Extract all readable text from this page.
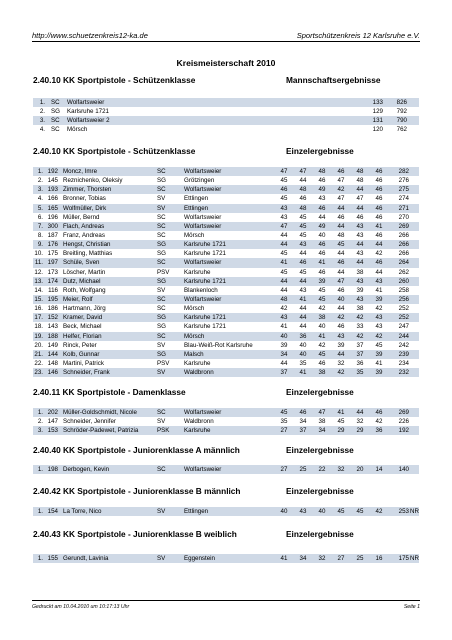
http://www.schuetzenkreis12-ka.de	Sportschützenkreis 12 Karlsruhe e.V.
Kreismeisterschaft 2010
2.40.10 KK Sportpistole - Schützenklasse	Mannschaftsergebnisse
1. SC Wolfartsweier	133	826
2. SG Karlsruhe 1721	129	792
3. SC Wolfartsweier 2	131	790
4. SC Mörsch	120	762
2.40.10 KK Sportpistole - Schützenklasse	Einzelergebnisse
1. 192 Moncz, Imre	SC	Wolfartsweier	47 47 48 46 48 46	282
2. 145 Reznichenko, Oleksiy	SG	Grötzingen	45 44 46 47 48 46	276
3. 193 Zimmer, Thorsten	SC	Wolfartsweier	46 48 49 42 44 46	275
4. 166 Bronner, Tobias	SV	Ettlingen	45 46 43 47 47 46	274
5. 165 Wolfmüller, Dirk	SV	Ettlingen	43 48 46 44 44 46	271
6. 196 Müller, Bernd	SC	Wolfartsweier	43 45 44 46 46 46	270
7. 300 Flach, Andreas	SC	Wolfartsweier	47 45 49 44 43 41	269
8. 187 Franz, Andreas	SC	Mörsch	44 45 40 48 43 46	266
9. 176 Hengst, Christian	SG	Karlsruhe 1721	44 43 46 45 44 44	266
10. 175 Breitling, Matthias	SG	Karlsruhe 1721	45 44 46 44 43 42	266
11. 197 Schüle, Sven	SC	Wolfartsweier	41 46 41 46 44 46	264
12. 173 Löscher, Martin	PSV Karlsruhe	45 45 46 44 38 44	262
13. 174 Dutz, Michael	SG	Karlsruhe 1721	44 44 39 47 43 43	260
14. 116 Roth, Wolfgang	SV	Blankenloch	44 43 45 46 39 41	258
15. 195 Meier, Rolf	SC	Wolfartsweier	48 41 45 40 43 39	256
16. 186 Hartmann, Jörg	SC	Mörsch	42 44 42 44 38 42	252
17. 152 Kramer, David	SG	Karlsruhe 1721	43 44 38 42 42 43	252
18. 143 Beck, Michael	SG	Karlsruhe 1721	41 44 40 46 33 43	247
19. 188 Helfer, Florian	SC	Mörsch	40 36 41 43 42 42	244
20. 149 Rinck, Peter	SV	Blau-Weiß-Rot Karlsruhe	39 40 42 39 37 45	242
21. 144 Kolb, Gunnar	SG	Malsch	34 40 45 44 37 39	239
22. 148 Martini, Patrick	PSV Karlsruhe	44 35 46 32 36 41	234
23. 146 Schneider, Frank	SV	Waldbronn	37 41 38 42 35 39	232
2.40.11 KK Sportpistole - Damenklasse	Einzelergebnisse
1. 202 Müller-Goldschmidt, Nicole	SC	Wolfartsweier	45 46 47 41 44 46	269
2. 147 Schneider, Jennifer	SV	Waldbronn	35 34 38 45 32 42	226
3. 153 Schröder-Padewet, Patrizia	PSK Karlsruhe	27 37 34 29 29 36	192
2.40.40 KK Sportpistole - Juniorenklasse A männlich	Einzelergebnisse
1. 198 Derbogen, Kevin	SC	Wolfartsweier	27 25 22 32 20 14	140
2.40.42 KK Sportpistole - Juniorenklasse B männlich	Einzelergebnisse
1. 154 La Torre, Nico	SV	Ettlingen	40 43 40 45 45 42	253 NR
2.40.43 KK Sportpistole - Juniorenklasse B weiblich	Einzelergebnisse
1. 155 Gerundt, Lavinia	SV	Eggenstein	41 34 32 27 25 16	175 NR
Gedruckt am 10.04.2010 um 10:17:13 Uhr	Seite 1
